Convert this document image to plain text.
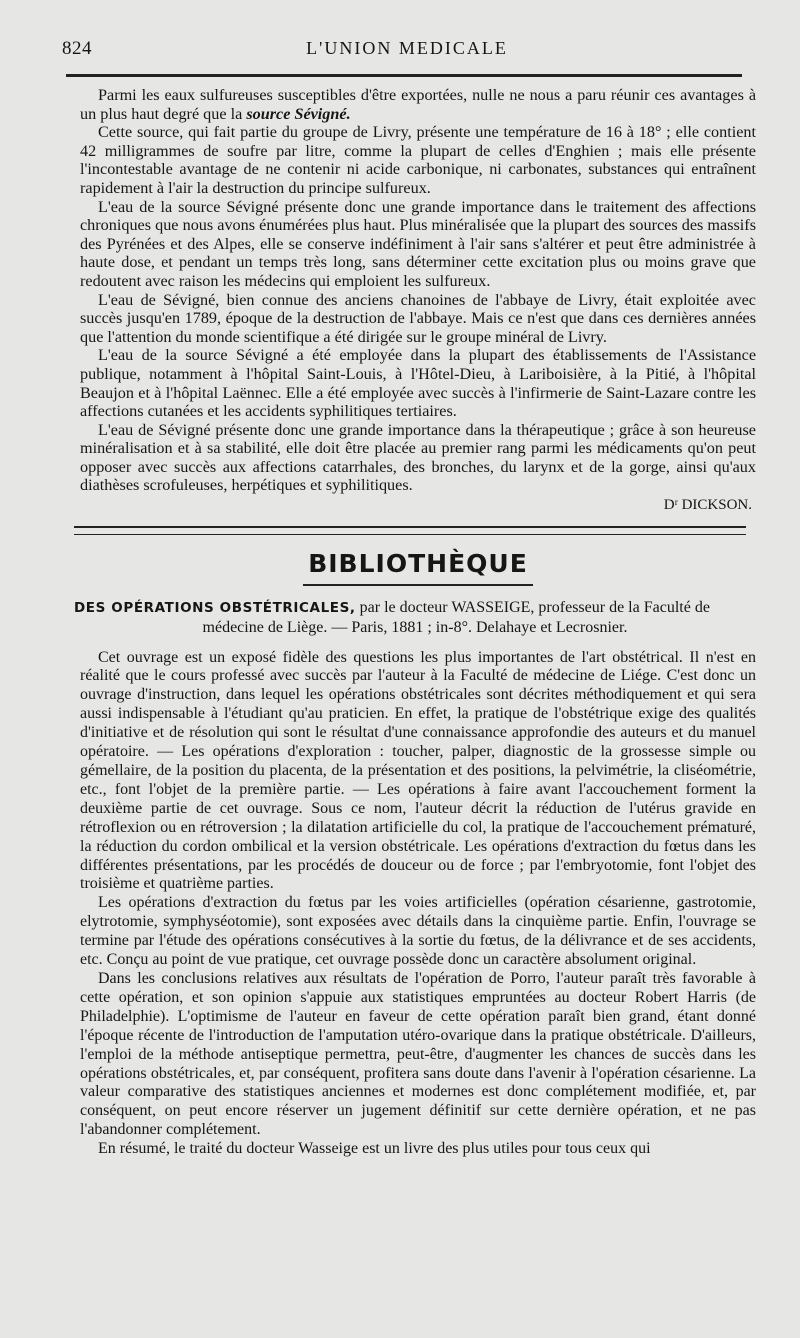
824	L'UNION MEDICALE

Parmi les eaux sulfureuses susceptibles d'être exportées, nulle ne nous a paru réunir ces avantages à un plus haut degré que la source Sévigné.

Cette source, qui fait partie du groupe de Livry, présente une température de 16 à 18° ; elle contient 42 milligrammes de soufre par litre, comme la plupart de celles d'Enghien ; mais elle présente l'incontestable avantage de ne contenir ni acide carbonique, ni carbonates, substances qui entraînent rapidement à l'air la destruction du principe sulfureux.

L'eau de la source Sévigné présente donc une grande importance dans le traitement des affections chroniques que nous avons énumérées plus haut. Plus minéralisée que la plupart des sources des massifs des Pyrénées et des Alpes, elle se conserve indéfiniment à l'air sans s'altérer et peut être administrée à haute dose, et pendant un temps très long, sans déterminer cette excitation plus ou moins grave que redoutent avec raison les médecins qui emploient les sulfureux.

L'eau de Sévigné, bien connue des anciens chanoines de l'abbaye de Livry, était exploitée avec succès jusqu'en 1789, époque de la destruction de l'abbaye. Mais ce n'est que dans ces dernières années que l'attention du monde scientifique a été dirigée sur le groupe minéral de Livry.

L'eau de la source Sévigné a été employée dans la plupart des établissements de l'Assistance publique, notamment à l'hôpital Saint-Louis, à l'Hôtel-Dieu, à Lariboisière, à la Pitié, à l'hôpital Beaujon et à l'hôpital Laënnec. Elle a été employée avec succès à l'infirmerie de Saint-Lazare contre les affections cutanées et les accidents syphilitiques tertiaires.

L'eau de Sévigné présente donc une grande importance dans la thérapeutique ; grâce à son heureuse minéralisation et à sa stabilité, elle doit être placée au premier rang parmi les médicaments qu'on peut opposer avec succès aux affections catarrhales, des bronches, du larynx et de la gorge, ainsi qu'aux diathèses scrofuleuses, herpétiques et syphilitiques.

Dʳ DICKSON.
BIBLIOTHÈQUE
DES OPÉRATIONS OBSTÉTRICALES, par le docteur WASSEIGE, professeur de la Faculté de
médecine de Liège. — Paris, 1881 ; in-8°. Delahaye et Lecrosnier.

Cet ouvrage est un exposé fidèle des questions les plus importantes de l'art obstétrical. Il n'est en réalité que le cours professé avec succès par l'auteur à la Faculté de médecine de Liége. C'est donc un ouvrage d'instruction, dans lequel les opérations obstétricales sont décrites méthodiquement et qui sera aussi indispensable à l'étudiant qu'au praticien. En effet, la pratique de l'obstétrique exige des qualités d'initiative et de résolution qui sont le résultat d'une connaissance approfondie des auteurs et du manuel opératoire. — Les opérations d'exploration : toucher, palper, diagnostic de la grossesse simple ou gémellaire, de la position du placenta, de la présentation et des positions, la pelvimétrie, la cliséométrie, etc., font l'objet de la première partie. — Les opérations à faire avant l'accouchement forment la deuxième partie de cet ouvrage. Sous ce nom, l'auteur décrit la réduction de l'utérus gravide en rétroflexion ou en rétroversion ; la dilatation artificielle du col, la pratique de l'accouchement prématuré, la réduction du cordon ombilical et la version obstétricale. Les opérations d'extraction du fœtus dans les différentes présentations, par les procédés de douceur ou de force ; par l'embryotomie, font l'objet des troisième et quatrième parties.

Les opérations d'extraction du fœtus par les voies artificielles (opération césarienne, gastrotomie, elytrotomie, symphyséotomie), sont exposées avec détails dans la cinquième partie. Enfin, l'ouvrage se termine par l'étude des opérations consécutives à la sortie du fœtus, de la délivrance et de ses accidents, etc. Conçu au point de vue pratique, cet ouvrage possède donc un caractère absolument original.

Dans les conclusions relatives aux résultats de l'opération de Porro, l'auteur paraît très favorable à cette opération, et son opinion s'appuie aux statistiques empruntées au docteur Robert Harris (de Philadelphie). L'optimisme de l'auteur en faveur de cette opération paraît bien grand, étant donné l'époque récente de l'introduction de l'amputation utéro-ovarique dans la pratique obstétricale. D'ailleurs, l'emploi de la méthode antiseptique permettra, peut-être, d'augmenter les chances de succès dans les opérations obstétricales, et, par conséquent, profitera sans doute dans l'avenir à l'opération césarienne. La valeur comparative des statistiques anciennes et modernes est donc complétement modifiée, et, par conséquent, on peut encore réserver un jugement définitif sur cette dernière opération, et ne pas l'abandonner complétement.

En résumé, le traité du docteur Wasseige est un livre des plus utiles pour tous ceux qui
